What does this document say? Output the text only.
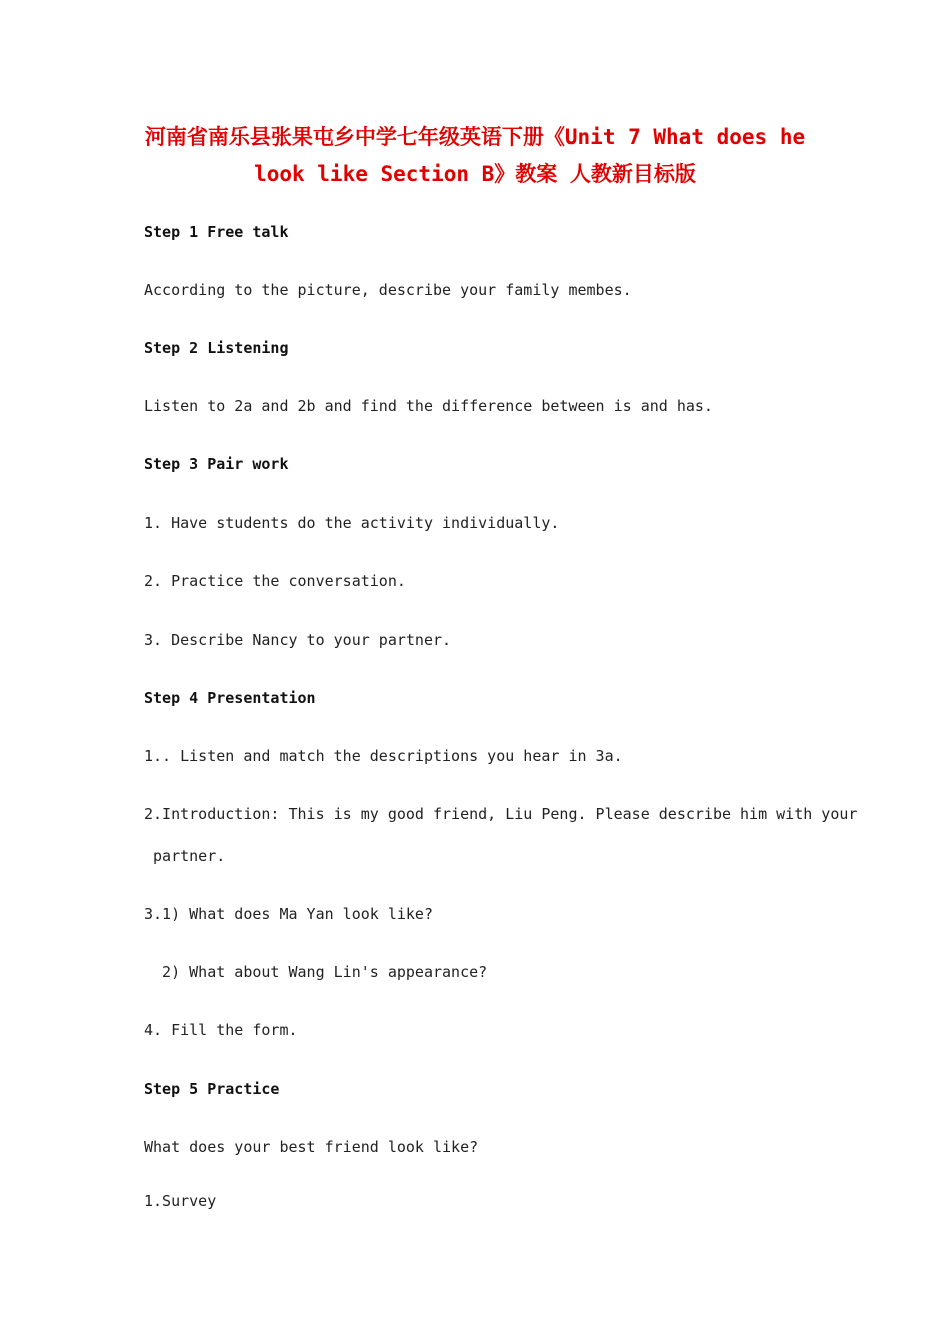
河南省南乐县张果屯乡中学七年级英语下册《Unit 7 What does he look like Section B》教案 人教新目标版

Step 1 Free talk

According to the picture, describe your family membes.

Step 2 Listening

Listen to 2a and 2b and find the difference between is and has.

Step 3 Pair work

1. Have students do the activity individually.

2. Practice the conversation.

3. Describe Nancy to your partner.

Step 4 Presentation

1.. Listen and match the descriptions you hear in 3a.

2.Introduction: This is my good friend, Liu Peng. Please describe him with your

partner.

3.1) What does Ma Yan look like?

2) What about Wang Lin's appearance?

4. Fill the form.

Step 5 Practice

What does your best friend look like?

1.Survey
